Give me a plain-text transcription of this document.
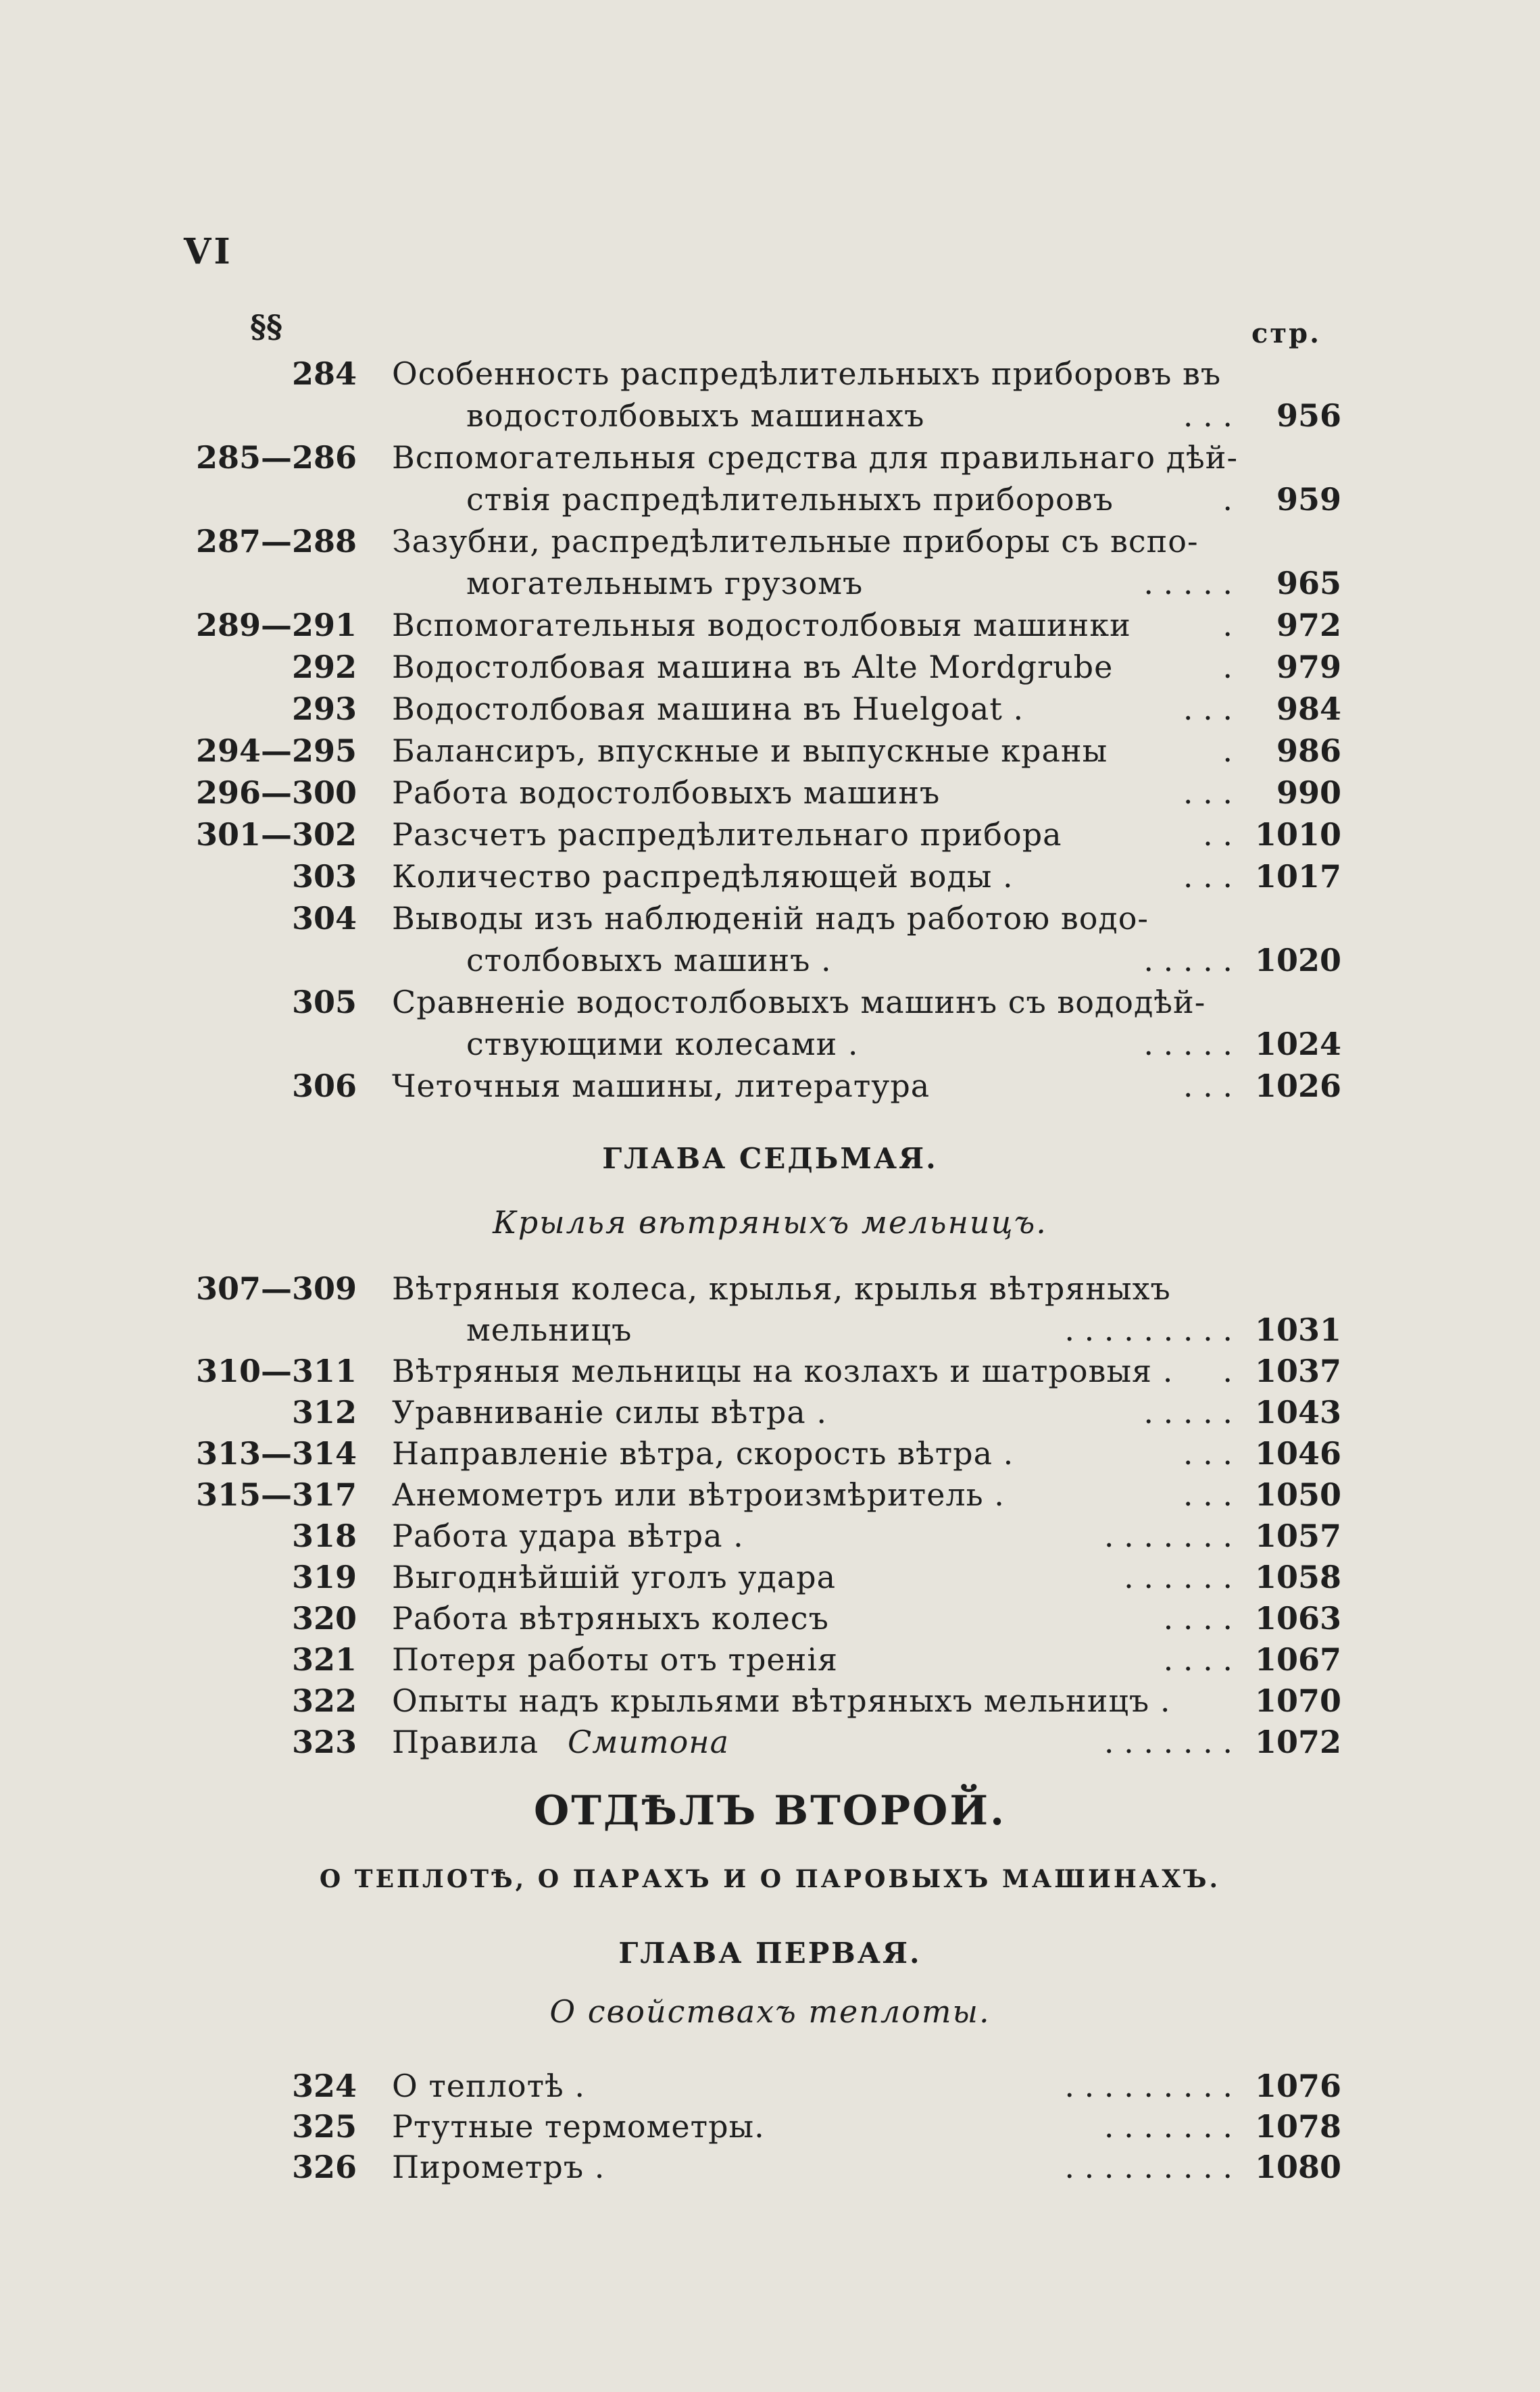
VI
§§	стр.
284 Особенность распредѣлительныхъ приборовъ въ
водостолбовыхъ машинахъ	. . . 956
285—286 Вспомогательныя средства для правильнаго дѣй-
ствія распредѣлительныхъ приборовъ	. 959
287—288 Зазубни, распредѣлительные приборы съ вспо-
могательнымъ грузомъ	. . . . . 965
289—291 Вспомогательныя водостолбовыя машинки	. 972
292 Водостолбовая машина въ Alte Mordgrube	. 979
293 Водостолбовая машина въ Huelgoat .	. . . 984
294—295 Балансиръ, впускные и выпускные краны	. 986
296—300 Работа водостолбовыхъ машинъ	. . . 990
301—302 Разсчетъ распредѣлительнаго прибора	. . 1010
303 Количество распредѣляющей воды .	. . . 1017
304 Выводы изъ наблюденій надъ работою водо-
столбовыхъ машинъ .	. . . . . 1020
305 Сравненіе водостолбовыхъ машинъ съ вододѣй-
ствующими колесами .	. . . . . 1024
306 Четочныя машины, литература	. . . 1026
ГЛАВА СЕДЬМАЯ.
Крылья вѣтряныхъ мельницъ.
307—309 Вѣтряныя колеса, крылья, крылья вѣтряныхъ
мельницъ	. . . . . . . . . 1031
310—311 Вѣтряныя мельницы на козлахъ и шатровыя . . 1037
312 Уравниваніе силы вѣтра .	. . . . . 1043
313—314 Направленіе вѣтра, скорость вѣтра .	. . . 1046
315—317 Анемометръ или вѣтроизмѣритель .	. . . 1050
318 Работа удара вѣтра .	. . . . . . . 1057
319 Выгоднѣйшій уголъ удара	. . . . . . 1058
320 Работа вѣтряныхъ колесъ	. . . . 1063
321 Потеря работы отъ тренія	. . . . 1067
322 Опыты надъ крыльями вѣтряныхъ мельницъ .	1070
323 Правила Смитона	. . . . . . . 1072
ОТДѢЛЪ ВТОРОЙ.
О ТЕПЛОТѢ, О ПАРАХЪ И О ПАРОВЫХЪ МАШИНАХЪ.
ГЛАВА ПЕРВАЯ.
О свойствахъ теплоты.
324 О теплотѣ .	. . . . . . . . . 1076
325 Ртутные термометры.	. . . . . . . 1078
326 Пирометръ .	. . . . . . . . . 1080
